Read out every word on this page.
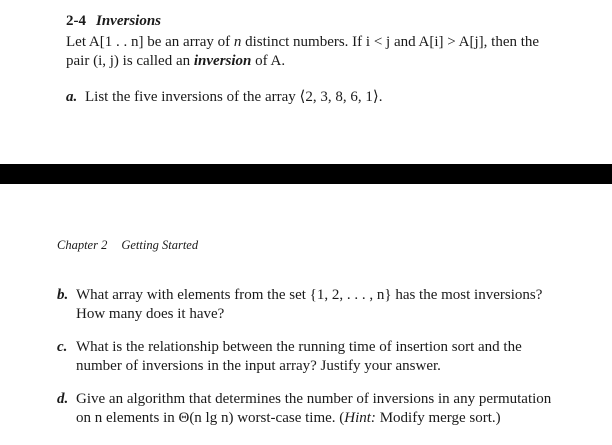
2-4 Inversions
Let A[1 . . n] be an array of n distinct numbers. If i < j and A[i] > A[j], then the
pair (i, j) is called an inversion of A.
a. List the five inversions of the array ⟨2, 3, 8, 6, 1⟩.
Chapter 2 Getting Started
b. What array with elements from the set {1, 2, . . . , n} has the most inversions?
How many does it have?
c. What is the relationship between the running time of insertion sort and the
number of inversions in the input array? Justify your answer.
d. Give an algorithm that determines the number of inversions in any permutation
on n elements in Θ(n lg n) worst-case time. (Hint: Modify merge sort.)
